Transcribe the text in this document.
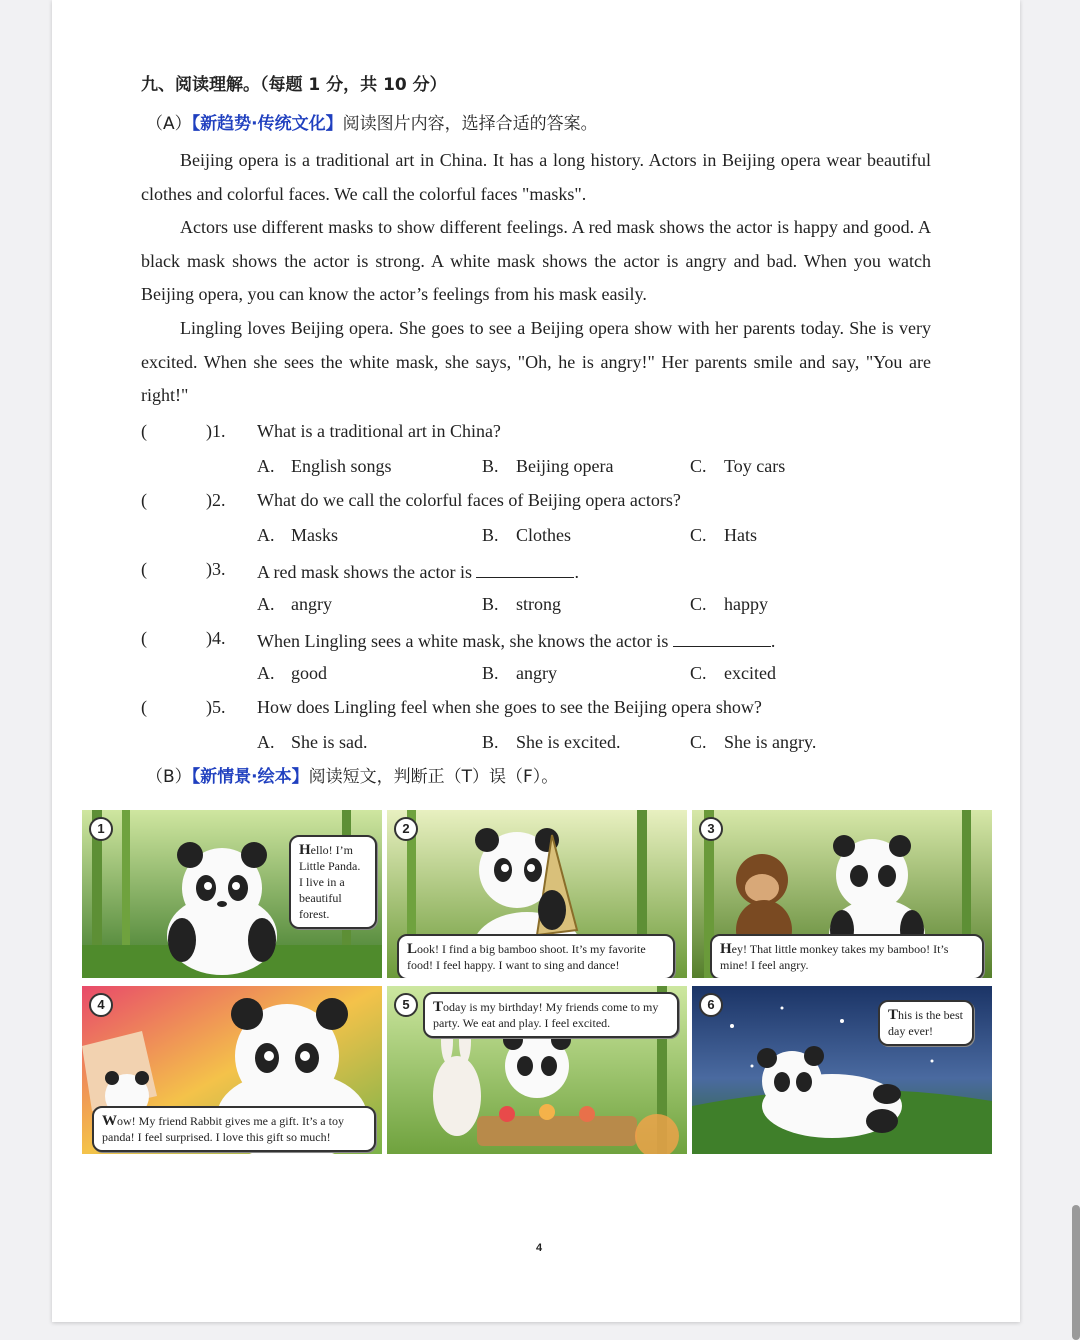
九、阅读理解。（每题 1 分，共 10 分）
（A）【新趋势·传统文化】阅读图片内容，选择合适的答案。
Beijing opera is a traditional art in China. It has a long history. Actors in Beijing opera wear beautiful clothes and colorful faces. We call the colorful faces "masks".
Actors use different masks to show different feelings. A red mask shows the actor is happy and good. A black mask shows the actor is strong. A white mask shows the actor is angry and bad. When you watch Beijing opera, you can know the actor’s feelings from his mask easily.
Lingling loves Beijing opera. She goes to see a Beijing opera show with her parents today. She is very excited. When she sees the white mask, she says, "Oh, he is angry!" Her parents smile and say, "You are right!"
(	)1. What is a traditional art in China?
A. English songs	B. Beijing opera	C. Toy cars
(	)2. What do we call the colorful faces of Beijing opera actors?
A. Masks	B. Clothes	C. Hats
(	)3. A red mask shows the actor is	.
A. angry	B. strong	C. happy
(	)4. When Lingling sees a white mask, she knows the actor is	.
A. good	B. angry	C. excited
(	)5. How does Lingling feel when she goes to see the Beijing opera show?
A. She is sad.	B. She is excited.	C. She is angry.
（B）【新情景·绘本】阅读短文，判断正（T）误（F）。
1
Hello! I’m Little Panda. I live in a beautiful forest.
2
Look! I find a big bamboo shoot. It’s my favorite food! I feel happy. I want to sing and dance!
3
Hey! That little monkey takes my bamboo! It’s mine! I feel angry.
4
Wow! My friend Rabbit gives me a gift. It’s a toy panda! I feel surprised. I love this gift so much!
5	Today is my birthday! My friends come to my party. We eat and play. I feel excited.
6
This is the best day ever!
4
